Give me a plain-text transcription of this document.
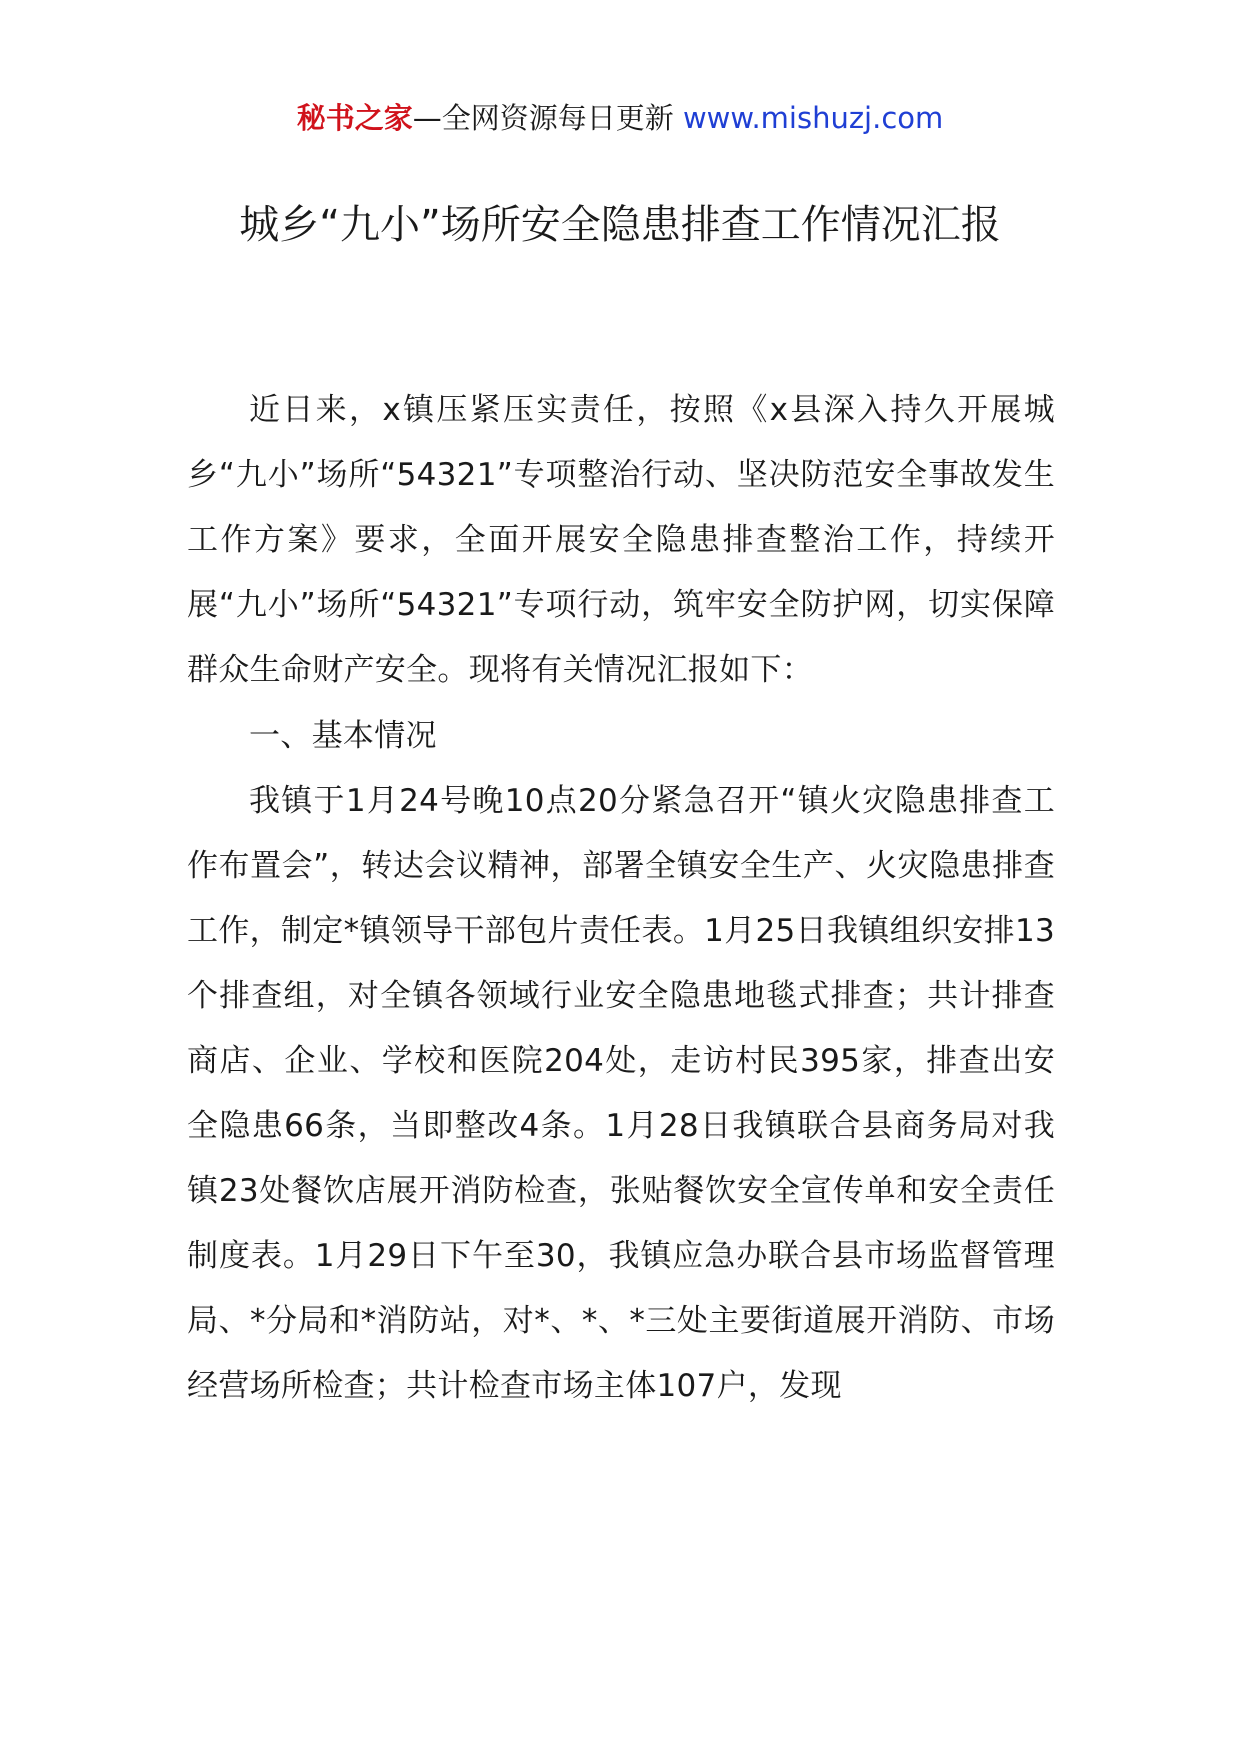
秘书之家—全网资源每日更新 www.mishuzj.com
城乡“九小”场所安全隐患排查工作情况汇报

近日来，x镇压紧压实责任，按照《x县深入持久开展城乡“九小”场所“54321”专项整治行动、坚决防范安全事故发生工作方案》要求，全面开展安全隐患排查整治工作，持续开展“九小”场所“54321”专项行动，筑牢安全防护网，切实保障群众生命财产安全。现将有关情况汇报如下：

一、基本情况

我镇于1月24号晚10点20分紧急召开“镇火灾隐患排查工作布置会”，转达会议精神，部署全镇安全生产、火灾隐患排查工作，制定*镇领导干部包片责任表。1月25日我镇组织安排13个排查组，对全镇各领域行业安全隐患地毯式排查；共计排查商店、企业、学校和医院204处，走访村民395家，排查出安全隐患66条，当即整改4条。1月28日我镇联合县商务局对我镇23处餐饮店展开消防检查，张贴餐饮安全宣传单和安全责任制度表。1月29日下午至30，我镇应急办联合县市场监督管理局、*分局和*消防站，对*、*、*三处主要街道展开消防、市场经营场所检查；共计检查市场主体107户，发现
